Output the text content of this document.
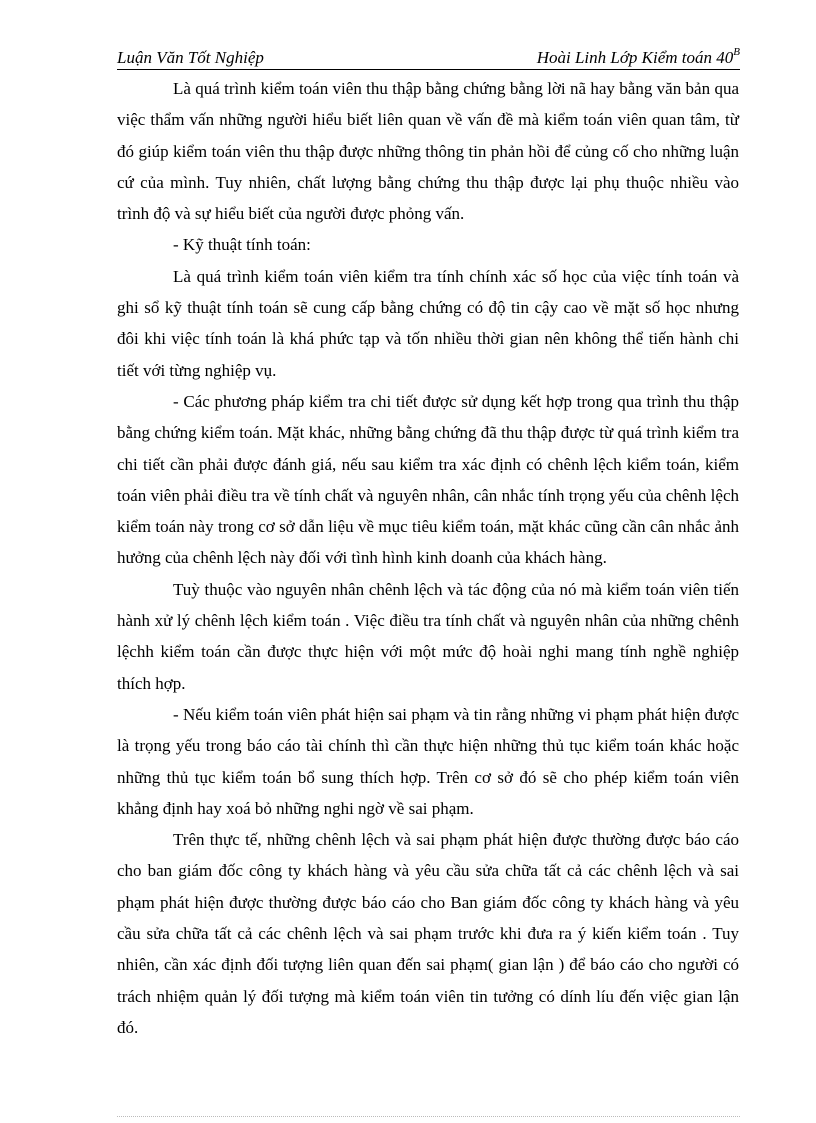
Luận Văn Tốt Nghiệp	Hoài Linh Lớp Kiểm toán $40^B$

Là quá trình kiểm toán viên thu thập bằng chứng bằng lời nã hay bằng văn bản qua việc thẩm vấn những người hiểu biết liên quan về vấn đề mà kiểm toán viên quan tâm, từ đó giúp kiểm toán viên thu thập được những thông tin phản hồi để củng cố cho những luận cứ của mình. Tuy nhiên, chất lượng bằng chứng thu thập được lại phụ thuộc nhiều vào trình độ và sự hiểu biết của người được phỏng vấn.

- Kỹ thuật tính toán:

Là quá trình kiểm toán viên kiểm tra tính chính xác số học của việc tính toán và ghi sổ kỹ thuật tính toán sẽ cung cấp bằng chứng có độ tin cậy cao về mặt số học nhưng đôi khi việc tính toán là khá phức tạp và tốn nhiều thời gian nên không thể tiến hành chi tiết với từng nghiệp vụ.

- Các phương pháp kiểm tra chi tiết được sử dụng kết hợp trong qua trình thu thập bằng chứng kiểm toán. Mặt khác, những bằng chứng đã thu thập được từ quá trình kiểm tra chi tiết cần phải được đánh giá, nếu sau kiểm tra xác định có chênh lệch kiểm toán, kiểm toán viên phải điều tra về tính chất và nguyên nhân, cân nhắc tính trọng yếu của chênh lệch kiểm toán này trong cơ sở dẫn liệu về mục tiêu kiểm toán, mặt khác cũng cần cân nhắc ảnh hưởng của chênh lệch này đối với tình hình kinh doanh của khách hàng.

Tuỳ thuộc vào nguyên nhân chênh lệch và tác động của nó mà kiểm toán viên tiến hành xử lý chênh lệch kiểm toán . Việc điều tra tính chất và nguyên nhân của những chênh lệchh kiểm toán cần được thực hiện với một mức độ hoài nghi mang tính nghề nghiệp thích hợp.

- Nếu kiểm toán viên phát hiện sai phạm và tin rằng những vi phạm phát hiện được là trọng yếu trong báo cáo tài chính thì cần thực hiện những thủ tục kiểm toán khác hoặc những thủ tục kiểm toán bổ sung thích hợp. Trên cơ sở đó sẽ cho phép kiểm toán viên khẳng định hay xoá bỏ những nghi ngờ về sai phạm.

Trên thực tế, những chênh lệch và sai phạm phát hiện được thường được báo cáo cho ban giám đốc công ty khách hàng và yêu cầu sửa chữa tất cả các chênh lệch và sai phạm phát hiện được thường được báo cáo cho Ban giám đốc công ty khách hàng và yêu cầu sửa chữa tất cả các chênh lệch và sai phạm trước khi đưa ra ý kiến kiểm toán . Tuy nhiên, cần xác định đối tượng liên quan đến sai phạm( gian lận ) để báo cáo cho người có trách nhiệm quản lý đối tượng mà kiểm toán viên tin tưởng có dính líu đến việc gian lận đó.
